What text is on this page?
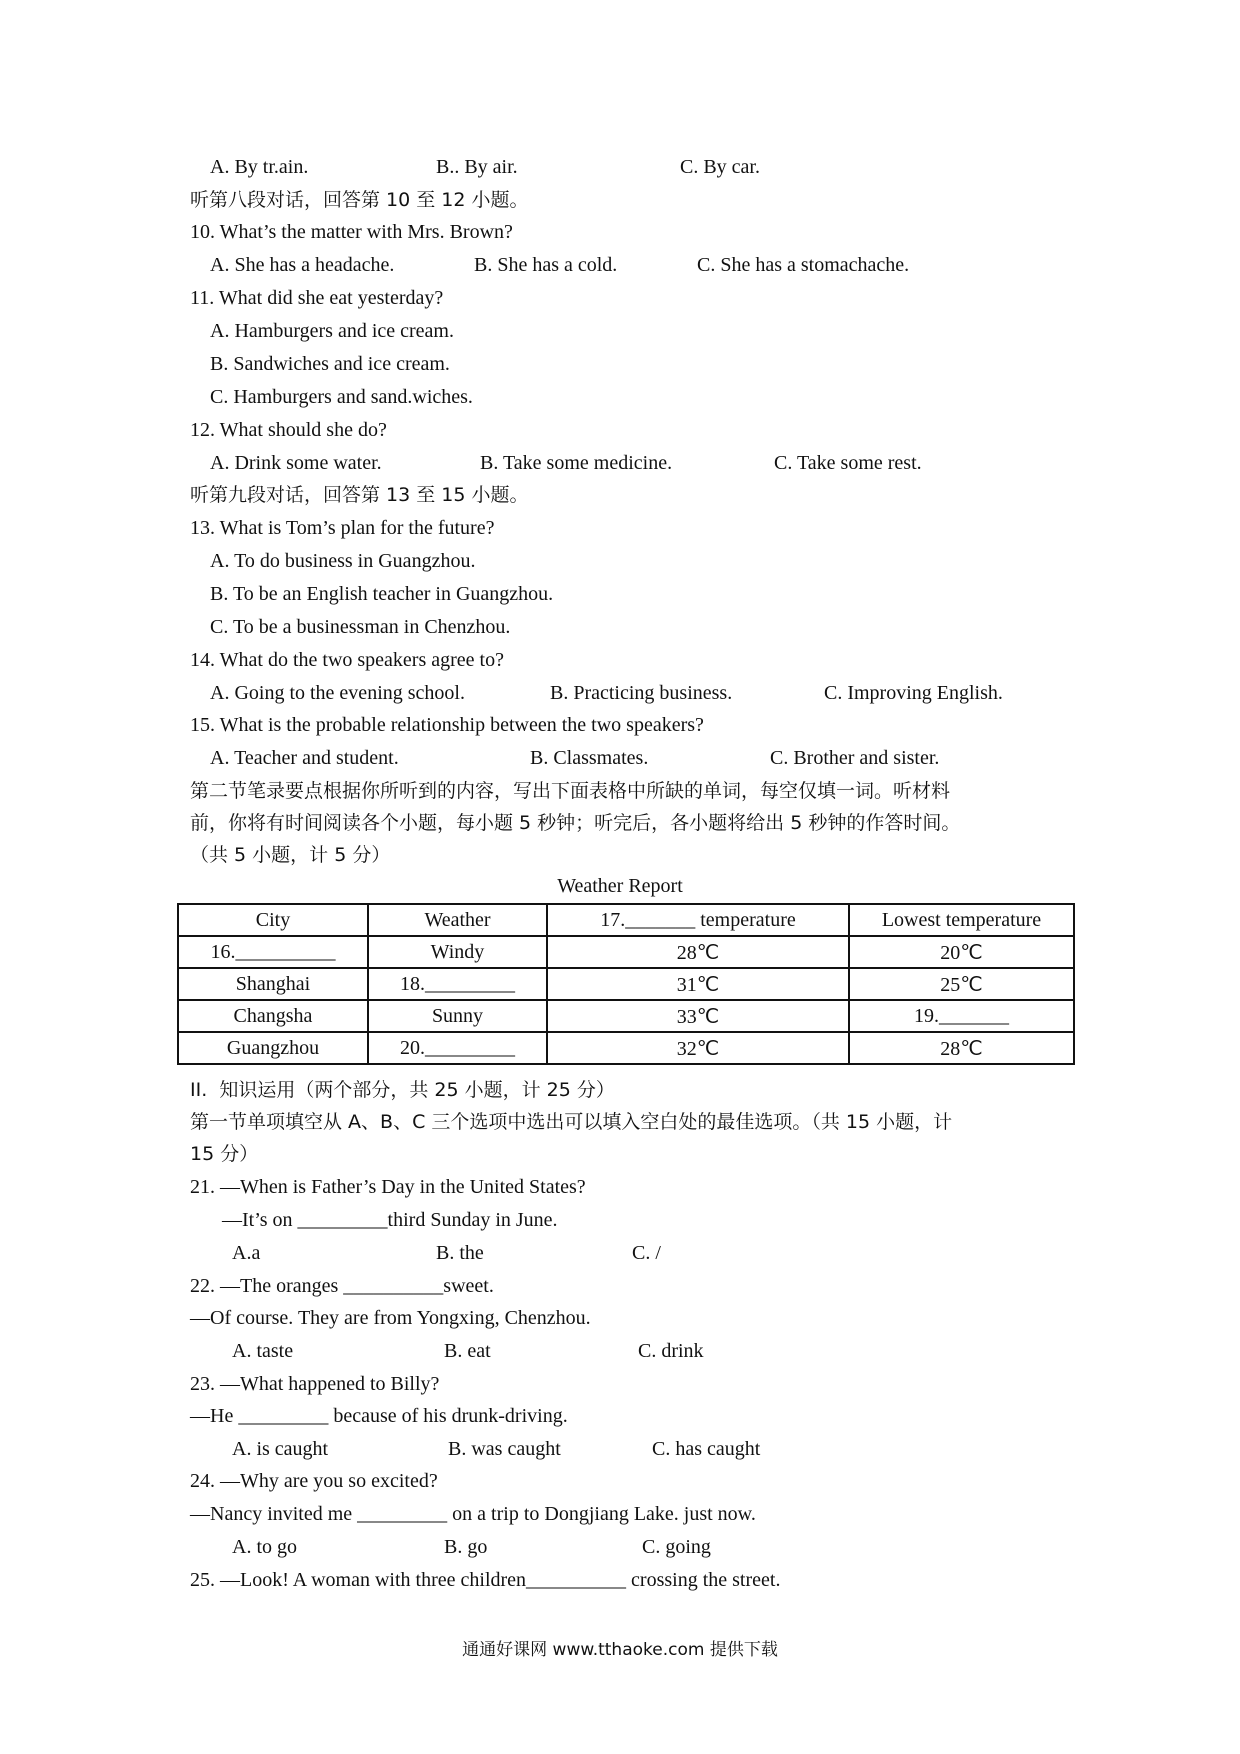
A. By tr.ain.	B.. By air.	C. By car.
听第八段对话，回答第 10 至 12 小题。
10. What’s the matter with Mrs. Brown?
A. She has a headache.	B. She has a cold.	C. She has a stomachache.
11. What did she eat yesterday?
A. Hamburgers and ice cream.
B. Sandwiches and ice cream.
C. Hamburgers and sand.wiches.
12. What should she do?
A. Drink some water.	B. Take some medicine.	C. Take some rest.
听第九段对话，回答第 13 至 15 小题。
13. What is Tom’s plan for the future?
A. To do business in Guangzhou.
B. To be an English teacher in Guangzhou.
C. To be a businessman in Chenzhou.
14. What do the two speakers agree to?
A. Going to the evening school.	B. Practicing business.	C. Improving English.
15. What is the probable relationship between the two speakers?
A. Teacher and student.	B. Classmates.	C. Brother and sister.
第二节笔录要点根据你所听到的内容，写出下面表格中所缺的单词，每空仅填一词。听材料
前，你将有时间阅读各个小题，每小题 5 秒钟；听完后，各小题将给出 5 秒钟的作答时间。
（共 5 小题，计 5 分）
Weather Report
City	Weather	17._______ temperature	Lowest temperature
16.__________	Windy	28℃	20℃
Shanghai	18._________	31℃	25℃
Changsha	Sunny	33℃	19._______
Guangzhou	20._________	32℃	28℃
II.  知识运用（两个部分，共 25 小题，计 25 分）
第一节单项填空从 A、B、C 三个选项中选出可以填入空白处的最佳选项。（共 15 小题，计
15 分）
21. —When is Father’s Day in the United States?
—It’s on _________third Sunday in June.
A.a	B. the	C. /
22. —The oranges __________sweet.
—Of course. They are from Yongxing, Chenzhou.
A. taste	B. eat	C. drink
23. —What happened to Billy?
—He _________ because of his drunk-driving.
A. is caught	B. was caught	C. has caught
24. —Why are you so excited?
—Nancy invited me _________ on a trip to Dongjiang Lake. just now.
A. to go	B. go	C. going
25. —Look! A woman with three children__________ crossing the street.
通通好课网 www.tthaoke.com 提供下载
